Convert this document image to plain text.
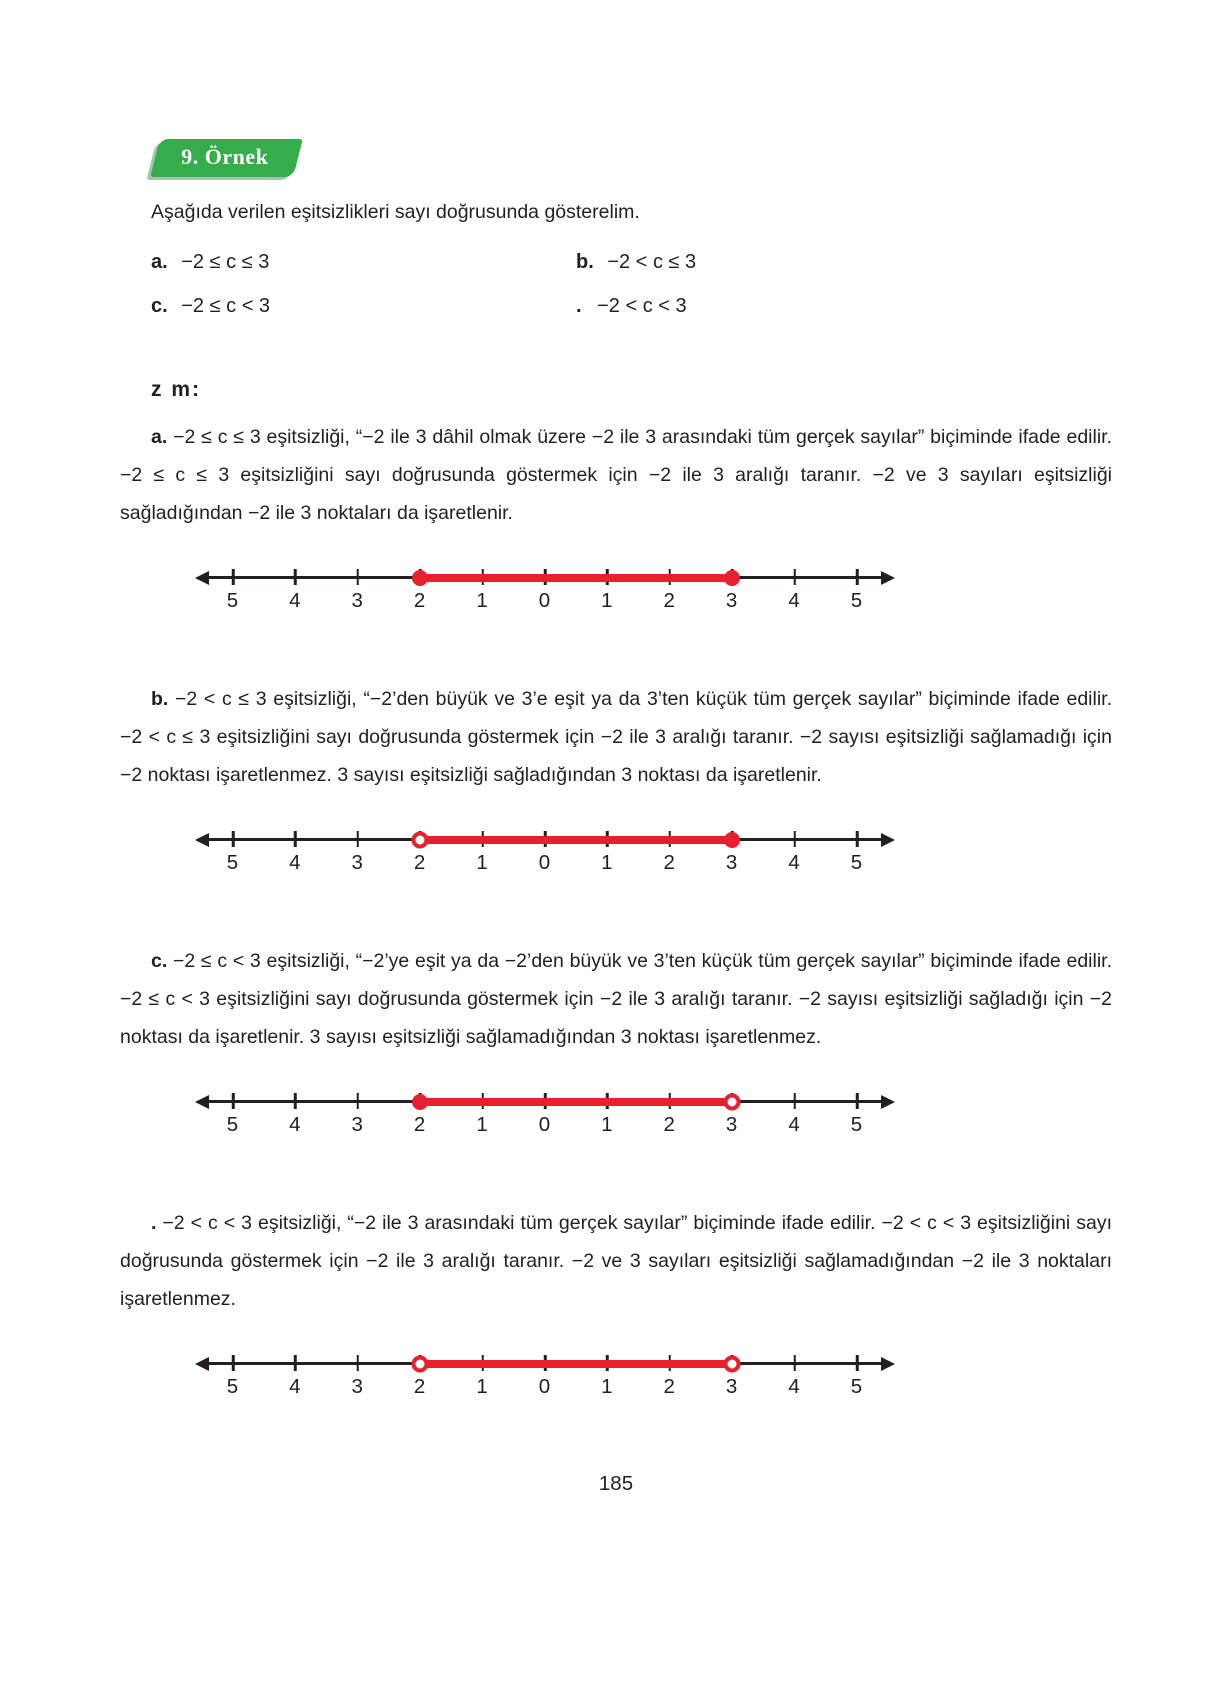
9. Örnek

Aşağıda verilen eşitsizlikleri sayı doğrusunda gösterelim.

a. −2 ≤ c ≤ 3	b. −2 < c ≤ 3
c. −2 ≤ c < 3	. −2 < c < 3
z m:

a. −2 ≤ c ≤ 3 eşitsizliği, “−2 ile 3 dâhil olmak üzere −2 ile 3 arasındaki tüm gerçek sayılar” biçiminde ifade edilir. −2 ≤ c ≤ 3 eşitsizliğini sayı doğrusunda göstermek için −2 ile 3 aralığı taranır. −2 ve 3 sayıları eşitsizliği sağladığından −2 ile 3 noktaları da işaretlenir.

5 4 3 2 1 0 1 2 3 4 5

b. −2 < c ≤ 3 eşitsizliği, “−2’den büyük ve 3’e eşit ya da 3’ten küçük tüm gerçek sayılar” biçiminde ifade edilir. −2 < c ≤ 3 eşitsizliğini sayı doğrusunda göstermek için −2 ile 3 aralığı taranır. −2 sayısı eşitsizliği sağlamadığı için −2 noktası işaretlenmez. 3 sayısı eşitsizliği sağladığından 3 noktası da işaretlenir.

5 4 3 2 1 0 1 2 3 4 5

c. −2 ≤ c < 3 eşitsizliği, “−2’ye eşit ya da −2’den büyük ve 3’ten küçük tüm gerçek sayılar” biçiminde ifade edilir. −2 ≤ c < 3 eşitsizliğini sayı doğrusunda göstermek için −2 ile 3 aralığı taranır. −2 sayısı eşitsizliği sağladığı için −2 noktası da işaretlenir. 3 sayısı eşitsizliği sağlamadığından 3 noktası işaretlenmez.

5 4 3 2 1 0 1 2 3 4 5

. −2 < c < 3 eşitsizliği, “−2 ile 3 arasındaki tüm gerçek sayılar” biçiminde ifade edilir. −2 < c < 3 eşitsizliğini sayı doğrusunda göstermek için −2 ile 3 aralığı taranır. −2 ve 3 sayıları eşitsizliği sağlamadığından −2 ile 3 noktaları işaretlenmez.

5 4 3 2 1 0 1 2 3 4 5
185
